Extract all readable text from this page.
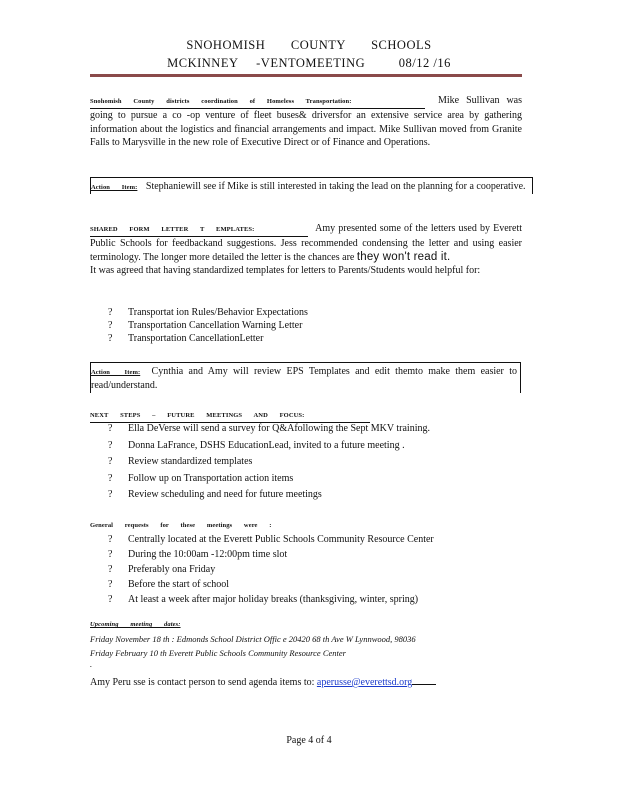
SNOHOMISH COUNTY SCHOOLS
MCKINNEY -VENTOMEETING	08/12 /16
Snohomish County districts coordination of Homeless Transportation:	Mike Sullivan was going to pursue a co -op venture of fleet buses& driversfor an extensive service area by gathering information about the logistics and financial arrangements and impact. Mike Sullivan moved from Granite Falls to Marysville in the new role of Executive Direct or of Finance and Operations.
Action Item: Stephaniewill see if Mike is still interested in taking the lead on the planning for a cooperative.
SHARED FORM LETTER T EMPLATES:	Amy presented some of the letters used by Everett Public Schools for feedbackand suggestions. Jess recommended condensing the letter and using easier terminology. The longer more detailed the letter is the chances are they won't read it.
It was agreed that having standardized templates for letters to Parents/Students would helpful for:
? Transportat ion Rules/Behavior Expectations
? Transportation Cancellation Warning Letter
? Transportation CancellationLetter
Action Item: Cynthia and Amy will review EPS Templates and edit themto make them easier to read/understand.
NEXT STEPS – FUTURE MEETINGS AND FOCUS:
? Ella DeVerse will send a survey for Q&Afollowing the Sept MKV training.
? Donna LaFrance, DSHS EducationLead, invited to a future meeting .
? Review standardized templates
? Follow up on Transportation action items
? Review scheduling and need for future meetings
General requests for these meetings were :
? Centrally located at the Everett Public Schools Community Resource Center
? During the 10:00am -12:00pm time slot
? Preferably ona Friday
? Before the start of school
? At least a week after major holiday breaks (thanksgiving, winter, spring)
Upcoming meeting dates:
Friday November 18 th : Edmonds School District Offic e 20420 68 th Ave W Lynnwood, 98036
Friday February 10 th Everett Public Schools Community Resource Center
.
Amy Peru sse is contact person to send agenda items to: aperusse@everettsd.org
Page 4 of 4
